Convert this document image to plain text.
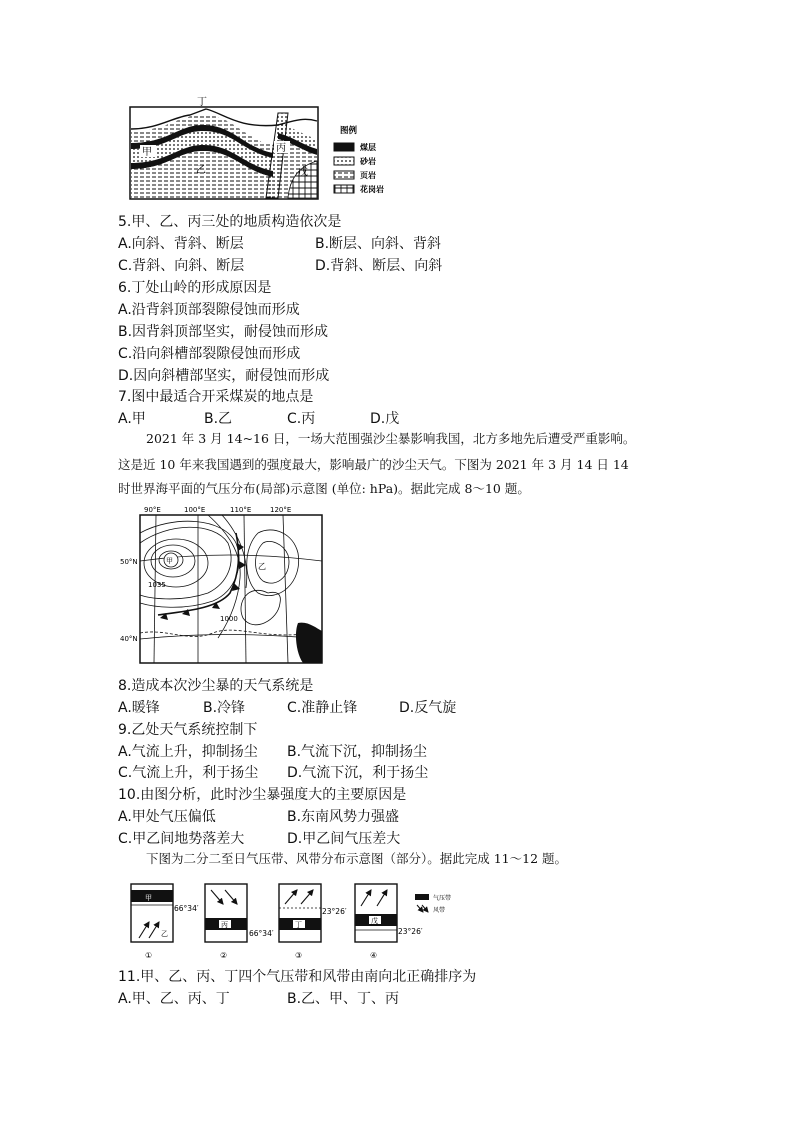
丁
甲
乙
丙
戊
图例
煤层
砂岩
页岩
花岗岩
5.甲、乙、丙三处的地质构造依次是
A.向斜、背斜、断层	B.断层、向斜、背斜
C.背斜、向斜、断层	D.背斜、断层、向斜
6.丁处山岭的形成原因是
A.沿背斜顶部裂隙侵蚀而形成
B.因背斜顶部坚实，耐侵蚀而形成
C.沿向斜槽部裂隙侵蚀而形成
D.因向斜槽部坚实，耐侵蚀而形成
7.图中最适合开采煤炭的地点是
A.甲	B.乙	C.丙	D.戊
2021 年 3 月 14~16 日，一场大范围强沙尘暴影响我国，北方多地先后遭受严重影响。
这是近 10 年来我国遇到的强度最大，影响最广的沙尘天气。下图为 2021 年 3 月 14 日 14
时世界海平面的气压分布(局部)示意图 (单位: hPa)。据此完成 8～10 题。
90°E	100°E	110°E	120°E
50°N
40°N
甲
乙
1035
1000
8.造成本次沙尘暴的天气系统是
A.暖锋	B.冷锋	C.准静止锋	D.反气旋
9.乙处天气系统控制下
A.气流上升，抑制扬尘 B.气流下沉，抑制扬尘
C.气流上升，利于扬尘 D.气流下沉，利于扬尘
10.由图分析，此时沙尘暴强度大的主要原因是
A.甲处气压偏低	B.东南风势力强盛
C.甲乙间地势落差大	D.甲乙间气压差大
下图为二分二至日气压带、风带分布示意图（部分）。据此完成 11～12 题。
甲
乙
66°34′
①
丙
66°34′
②
丁
23°26′
③
戊
23°26′
④
气压带
风带
11.甲、乙、丙、丁四个气压带和风带由南向北正确排序为
A.甲、乙、丙、丁	B.乙、甲、丁、丙
